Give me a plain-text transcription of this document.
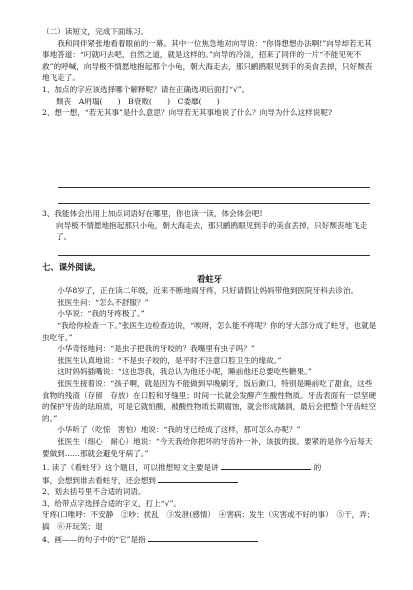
（二）读短文，完成下面练习。

我和同伴紧张地看着眼前的一幕。其中一位焦急地对向导说：“你得想想办法啊!”向导却若无其事地答道：“叼就叼去吧，自然之道，就是这样的。”向导的冷淡，招来了同伴的一片“不能见死不救”的呼喊，向导极不情愿地抱起那个小龟，朝大海走去，那只鹂鸥眼见到手的美食丢掉，只好颓丧地飞走了。

1、加点的字应该选择哪个解释呢？请在正确选项后面打“√”。

颓丧　A坍塌(　　)　B衰败(　　)　C委靡(　　)

2、想一想，“若无其事”是什么意思？向导若无其事地说了什么？向导为什么这样说呢?

3、我能体会出用上加点词语好在哪里，你也读一读，体会体会吧!

向导极不情愿地抱起那只小龟，朝大海走去，那只鹂鸥眼见到手的美食丢掉，只好颓丧地飞走了。

七、课外阅读。

看蛀牙

小华8岁了，正在读二年级，近来不断地闹牙疼，只好请假让妈妈带他到医院牙科去诊治。

张医生问：“怎么不舒服？”

小华说：“我的牙疼极了。”

“我给你检查一下。”张医生边检查边说，“唉呀，怎么能不疼呢？你的牙大部分成了蛀牙，也就是虫吃牙。”

小华奇怪地问：“是虫子把我的牙咬的？我嘴里有虫子吗？”

张医生认真地说：“不是虫子咬的，是平时不注意口腔卫生的缘故。”

这时妈妈插嘴说：“这也怨我，我总认为他还小呢，睡前他还总要吃些糖果。”

张医生接着说：“孩子啊，就是因为不能做到早晚刷牙，饭后漱口，特别是睡前吃了甜食，这些食物的残渣（存留　存放）在口腔和牙缝里；时间一长就会发酵产生酸性物质。牙齿表面有一层坚硬的保护牙齿的珐琅质，可是它就怕酸，被酸性物质长期腐蚀，就会形成龋洞，最后会把整个牙齿蛀空的。”

小华听了（吃惊　害怕）地说：“我的牙已经成了这样，那可怎么办呢？”

张医生（细心　耐心）地说：“今天我给你把坏的牙齿补一补，该拔的拔。要紧的是你今后每天要做到……那就会避免牙病了。”

1. 读了《看蛀牙》这个题目，可以推想短文主要是讲	的

事，会想到谁去看蛀牙，还会想到

2、划去括号里不合适的词语。

3、给带点字选择合适的字义，打上“√”。

牙疼(口唯呼：不安静　②吵；扰乱　③发泄(感情）　④害病；发生（灾害或不好的事）　⑤干，弄；搞　⑥开玩笑；退

4、画——的句子中的“它”是指
